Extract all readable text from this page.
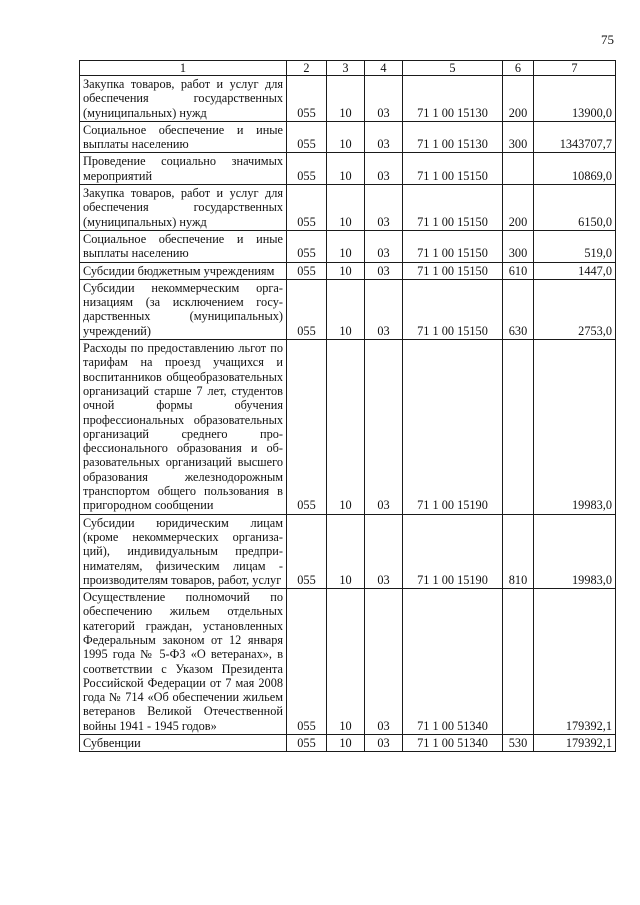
75
1	2	3	4	5	6	7
Закупка товаров, работ и услуг для обеспечения государственных (муниципальных) нужд	055	10	03	71 1 00 15130	200	13900,0
Социальное обеспечение и иные выплаты населению	055	10	03	71 1 00 15130	300	1343707,7
Проведение социально значимых мероприятий	055	10	03	71 1 00 15150		10869,0
Закупка товаров, работ и услуг для обеспечения государственных (муниципальных) нужд	055	10	03	71 1 00 15150	200	6150,0
Социальное обеспечение и иные выплаты населению	055	10	03	71 1 00 15150	300	519,0
Субсидии бюджетным учреждениям	055	10	03	71 1 00 15150	610	1447,0
Субсидии некоммерческим организациям (за исключением государственных (муниципальных) учреждений)	055	10	03	71 1 00 15150	630	2753,0
Расходы по предоставлению льгот по тарифам на проезд учащихся и воспитанников общеобразовательных организаций старше 7 лет, студентов очной формы обучения профессиональных образовательных организаций среднего профессионального образования и образовательных организаций высшего образования железнодорожным транспортом общего пользования в пригородном сообщении	055	10	03	71 1 00 15190		19983,0
Субсидии юридическим лицам (кроме некоммерческих организаций), индивидуальным предпринимателям, физическим лицам - производителям товаров, работ, услуг	055	10	03	71 1 00 15190	810	19983,0
Осуществление полномочий по обеспечению жильем отдельных категорий граждан, установленных Федеральным законом от 12 января 1995 года № 5-ФЗ «О ветеранах», в соответствии с Указом Президента Российской Федерации от 7 мая 2008 года № 714 «Об обеспечении жильем ветеранов Великой Отечественной войны 1941 - 1945 годов»	055	10	03	71 1 00 51340		179392,1
Субвенции	055	10	03	71 1 00 51340	530	179392,1
